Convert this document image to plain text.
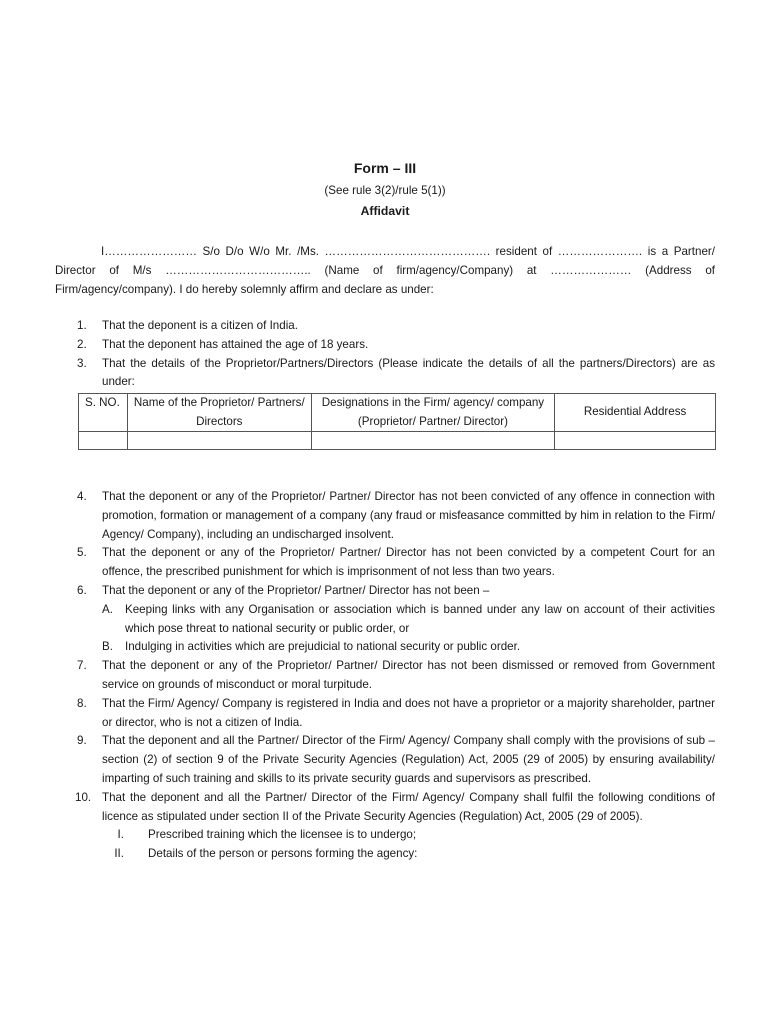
Form – III
(See rule 3(2)/rule 5(1))
Affidavit

I…………………… S/o D/o W/o Mr. /Ms. ……………………………………. resident of …………………. is a Partner/ Director of M/s ……………………………….. (Name of firm/agency/Company) at ………………… (Address of Firm/agency/company). I do hereby solemnly affirm and declare as under:

1. That the deponent is a citizen of India.
2. That the deponent has attained the age of 18 years.
3. That the details of the Proprietor/Partners/Directors (Please indicate the details of all the partners/Directors) are as under:
S. NO.	Name of the Proprietor/ Partners/ Directors	Designations in the Firm/ agency/ company (Proprietor/ Partner/ Director)	Residential Address

4. That the deponent or any of the Proprietor/ Partner/ Director has not been convicted of any offence in connection with promotion, formation or management of a company (any fraud or misfeasance committed by him in relation to the Firm/ Agency/ Company), including an undischarged insolvent.
5. That the deponent or any of the Proprietor/ Partner/ Director has not been convicted by a competent Court for an offence, the prescribed punishment for which is imprisonment of not less than two years.
6. That the deponent or any of the Proprietor/ Partner/ Director has not been –
A. Keeping links with any Organisation or association which is banned under any law on account of their activities which pose threat to national security or public order, or
B. Indulging in activities which are prejudicial to national security or public order.
7. That the deponent or any of the Proprietor/ Partner/ Director has not been dismissed or removed from Government service on grounds of misconduct or moral turpitude.
8. That the Firm/ Agency/ Company is registered in India and does not have a proprietor or a majority shareholder, partner or director, who is not a citizen of India.
9. That the deponent and all the Partner/ Director of the Firm/ Agency/ Company shall comply with the provisions of sub – section (2) of section 9 of the Private Security Agencies (Regulation) Act, 2005 (29 of 2005) by ensuring availability/ imparting of such training and skills to its private security guards and supervisors as prescribed.
10. That the deponent and all the Partner/ Director of the Firm/ Agency/ Company shall fulfil the following conditions of licence as stipulated under section II of the Private Security Agencies (Regulation) Act, 2005 (29 of 2005).
I. Prescribed training which the licensee is to undergo;
II. Details of the person or persons forming the agency:
